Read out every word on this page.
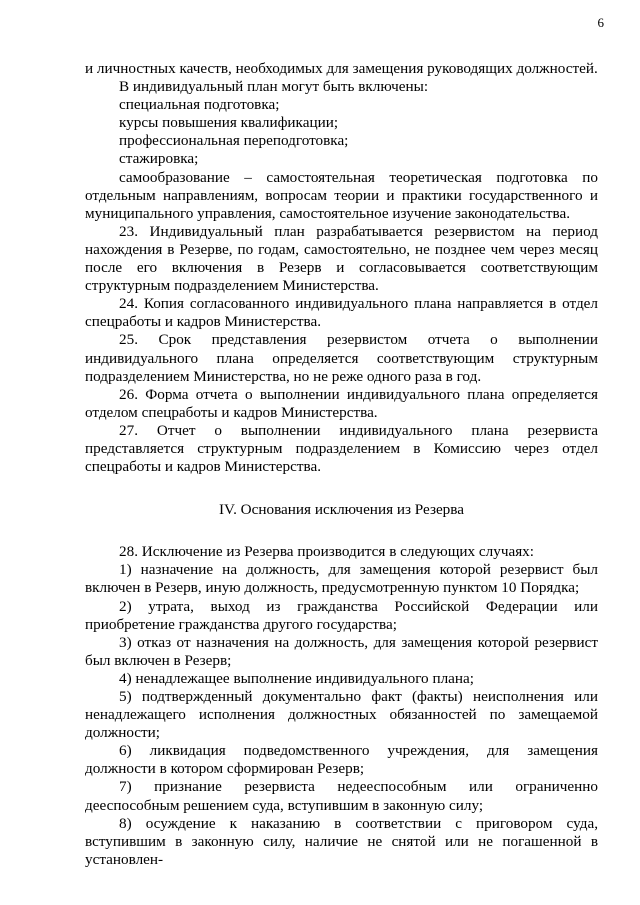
6

и личностных качеств, необходимых для замещения руководящих должностей.

В индивидуальный план могут быть включены:

специальная подготовка;

курсы повышения квалификации;

профессиональная переподготовка;

стажировка;

самообразование – самостоятельная теоретическая подготовка по отдельным направлениям, вопросам теории и практики государственного и муниципального управления, самостоятельное изучение законодательства.

23. Индивидуальный план разрабатывается резервистом на период нахождения в Резерве, по годам, самостоятельно, не позднее чем через месяц после его включения в Резерв и согласовывается соответствующим структурным подразделением Министерства.

24. Копия согласованного индивидуального плана направляется в отдел спецработы и кадров Министерства.

25. Срок представления резервистом отчета о выполнении индивидуального плана определяется соответствующим структурным подразделением Министерства, но не реже одного раза в год.

26. Форма отчета о выполнении индивидуального плана определяется отделом спецработы и кадров Министерства.

27. Отчет о выполнении индивидуального плана резервиста представляется структурным подразделением в Комиссию через отдел спецработы и кадров Министерства.

IV. Основания исключения из Резерва

28. Исключение из Резерва производится в следующих случаях:

1) назначение на должность, для замещения которой резервист был включен в Резерв, иную должность, предусмотренную пунктом 10 Порядка;

2) утрата, выход из гражданства Российской Федерации или приобретение гражданства другого государства;

3) отказ от назначения на должность, для замещения которой резервист был включен в Резерв;

4) ненадлежащее выполнение индивидуального плана;

5) подтвержденный документально факт (факты) неисполнения или ненадлежащего исполнения должностных обязанностей по замещаемой должности;

6) ликвидация подведомственного учреждения, для замещения должности в котором сформирован Резерв;

7) признание резервиста недееспособным или ограниченно дееспособным решением суда, вступившим в законную силу;

8) осуждение к наказанию в соответствии с приговором суда, вступившим в законную силу, наличие не снятой или не погашенной в установлен-
